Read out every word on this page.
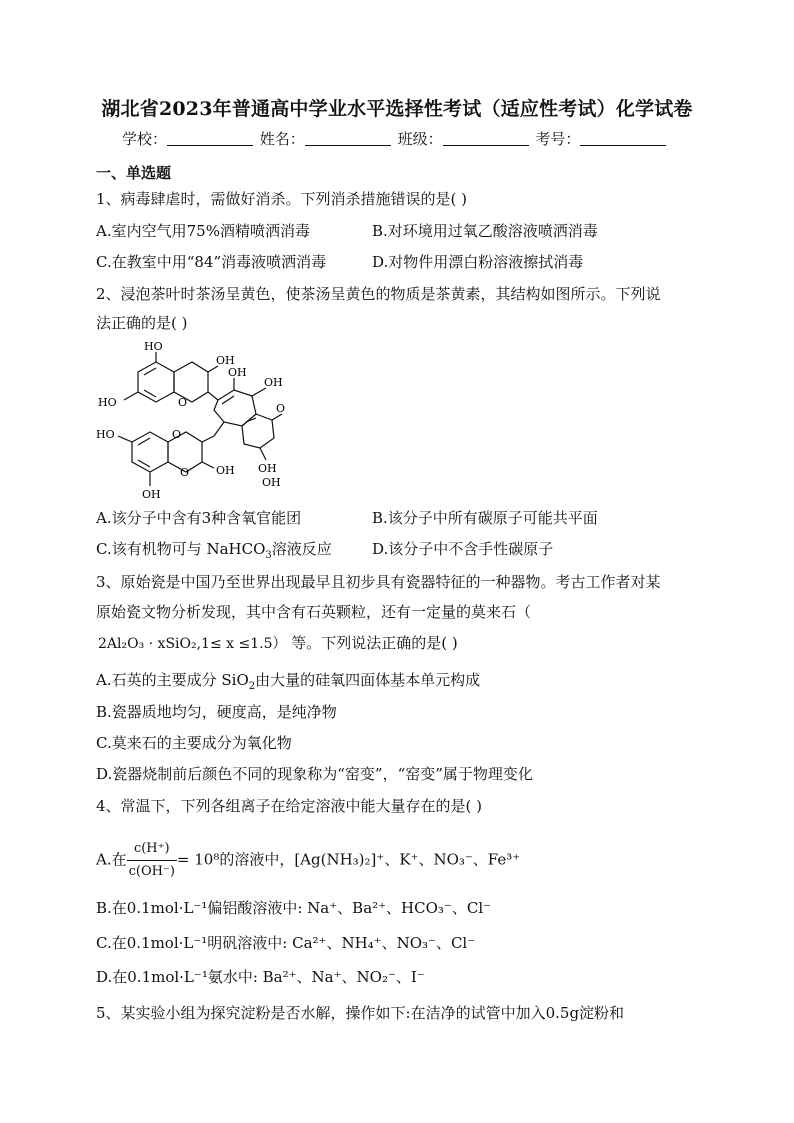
湖北省2023年普通高中学业水平选择性考试（适应性考试）化学试卷
学校：	姓名：	班级：	考号：
一、单选题
1、病毒肆虐时，需做好消杀。下列消杀措施错误的是( )
A.室内空气用75%酒精喷洒消毒	B.对环境用过氧乙酸溶液喷洒消毒
C.在教室中用“84”消毒液喷洒消毒	D.对物件用漂白粉溶液擦拭消毒
2、浸泡茶叶时茶汤呈黄色，使茶汤呈黄色的物质是茶黄素，其结构如图所示。下列说
法正确的是( )
HO
OH
HO	O
OH
OH
O
O
OH
HO
O OH
OH
OH
A.该分子中含有3种含氧官能团	B.该分子中所有碳原子可能共平面
C.该有机物可与 NaHCO$_3$溶液反应	D.该分子中不含手性碳原子
3、原始瓷是中国乃至世界出现最早且初步具有瓷器特征的一种器物。考古工作者对某
原始瓷文物分析发现，其中含有石英颗粒，还有一定量的莫来石（
2Al₂O₃ · xSiO₂,1≤ x ≤1.5） 等。下列说法正确的是( )
A.石英的主要成分 SiO$_2$由大量的硅氧四面体基本单元构成
B.瓷器质地均匀，硬度高，是纯净物
C.莫来石的主要成分为氧化物
D.瓷器烧制前后颜色不同的现象称为“窑变”，“窑变”属于物理变化
4、常温下，下列各组离子在给定溶液中能大量存在的是( )
A.在 $\frac{c(H^+)}{c(OH^-)} = 10^8$的溶液中，[Ag(NH₃)₂]⁺、K⁺、NO₃⁻、Fe³⁺
B.在0.1mol·L⁻¹偏铝酸溶液中: Na⁺、Ba²⁺、HCO₃⁻、Cl⁻
C.在0.1mol·L⁻¹明矾溶液中: Ca²⁺、NH₄⁺、NO₃⁻、Cl⁻
D.在0.1mol·L⁻¹氨水中: Ba²⁺、Na⁺、NO₂⁻、I⁻
5、某实验小组为探究淀粉是否水解，操作如下:在洁净的试管中加入0.5g淀粉和
